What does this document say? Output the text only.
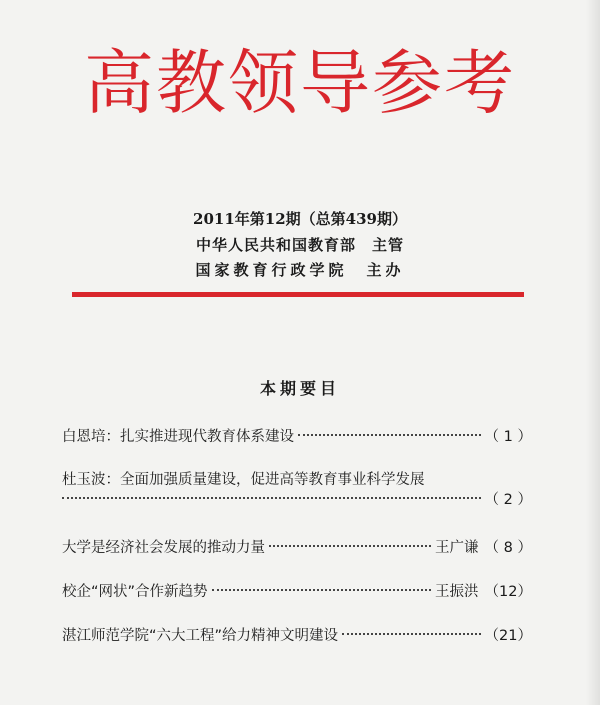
高教领导参考
2011年第12期（总第439期）
中华人民共和国教育部　主管
国家教育行政学院　主办
本期要目
白恩培：扎实推进现代教育体系建设	（ 1 ）
杜玉波：全面加强质量建设，促进高等教育事业科学发展
（ 2 ）
大学是经济社会发展的推动力量	王广谦 （ 8 ）
校企“网状”合作新趋势	王振洪 （12）
湛江师范学院“六大工程”给力精神文明建设	（21）
